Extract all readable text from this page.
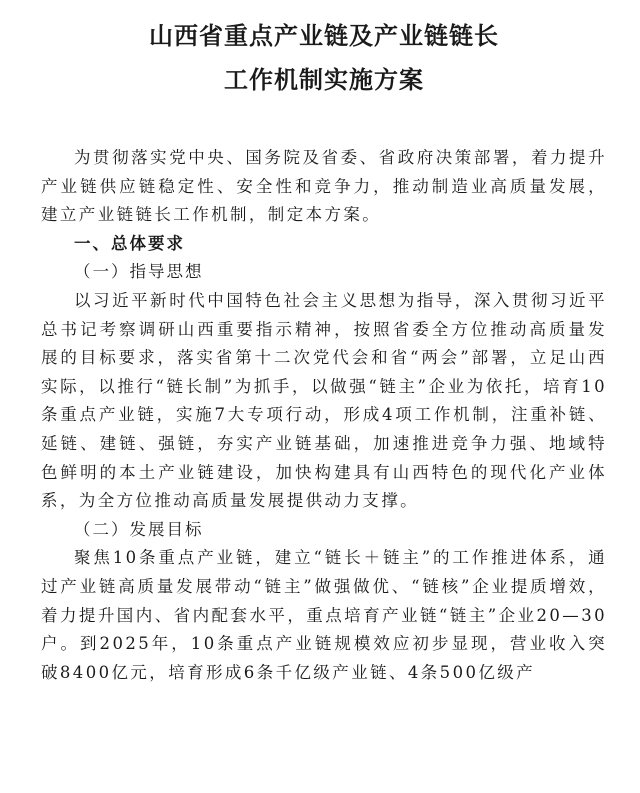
山西省重点产业链及产业链链长
工作机制实施方案

为贯彻落实党中央、国务院及省委、省政府决策部署，着力提升产业链供应链稳定性、安全性和竞争力，推动制造业高质量发展，建立产业链链长工作机制，制定本方案。

一、总体要求

（一）指导思想

以习近平新时代中国特色社会主义思想为指导，深入贯彻习近平总书记考察调研山西重要指示精神，按照省委全方位推动高质量发展的目标要求，落实省第十二次党代会和省“两会”部署，立足山西实际，以推行“链长制”为抓手，以做强“链主”企业为依托，培育10条重点产业链，实施7大专项行动，形成4项工作机制，注重补链、延链、建链、强链，夯实产业链基础，加速推进竞争力强、地域特色鲜明的本土产业链建设，加快构建具有山西特色的现代化产业体系，为全方位推动高质量发展提供动力支撑。

（二）发展目标

聚焦10条重点产业链，建立“链长＋链主”的工作推进体系，通过产业链高质量发展带动“链主”做强做优、“链核”企业提质增效，着力提升国内、省内配套水平，重点培育产业链“链主”企业20—30户。到2025年，10条重点产业链规模效应初步显现，营业收入突破8400亿元，培育形成6条千亿级产业链、4条500亿级产
